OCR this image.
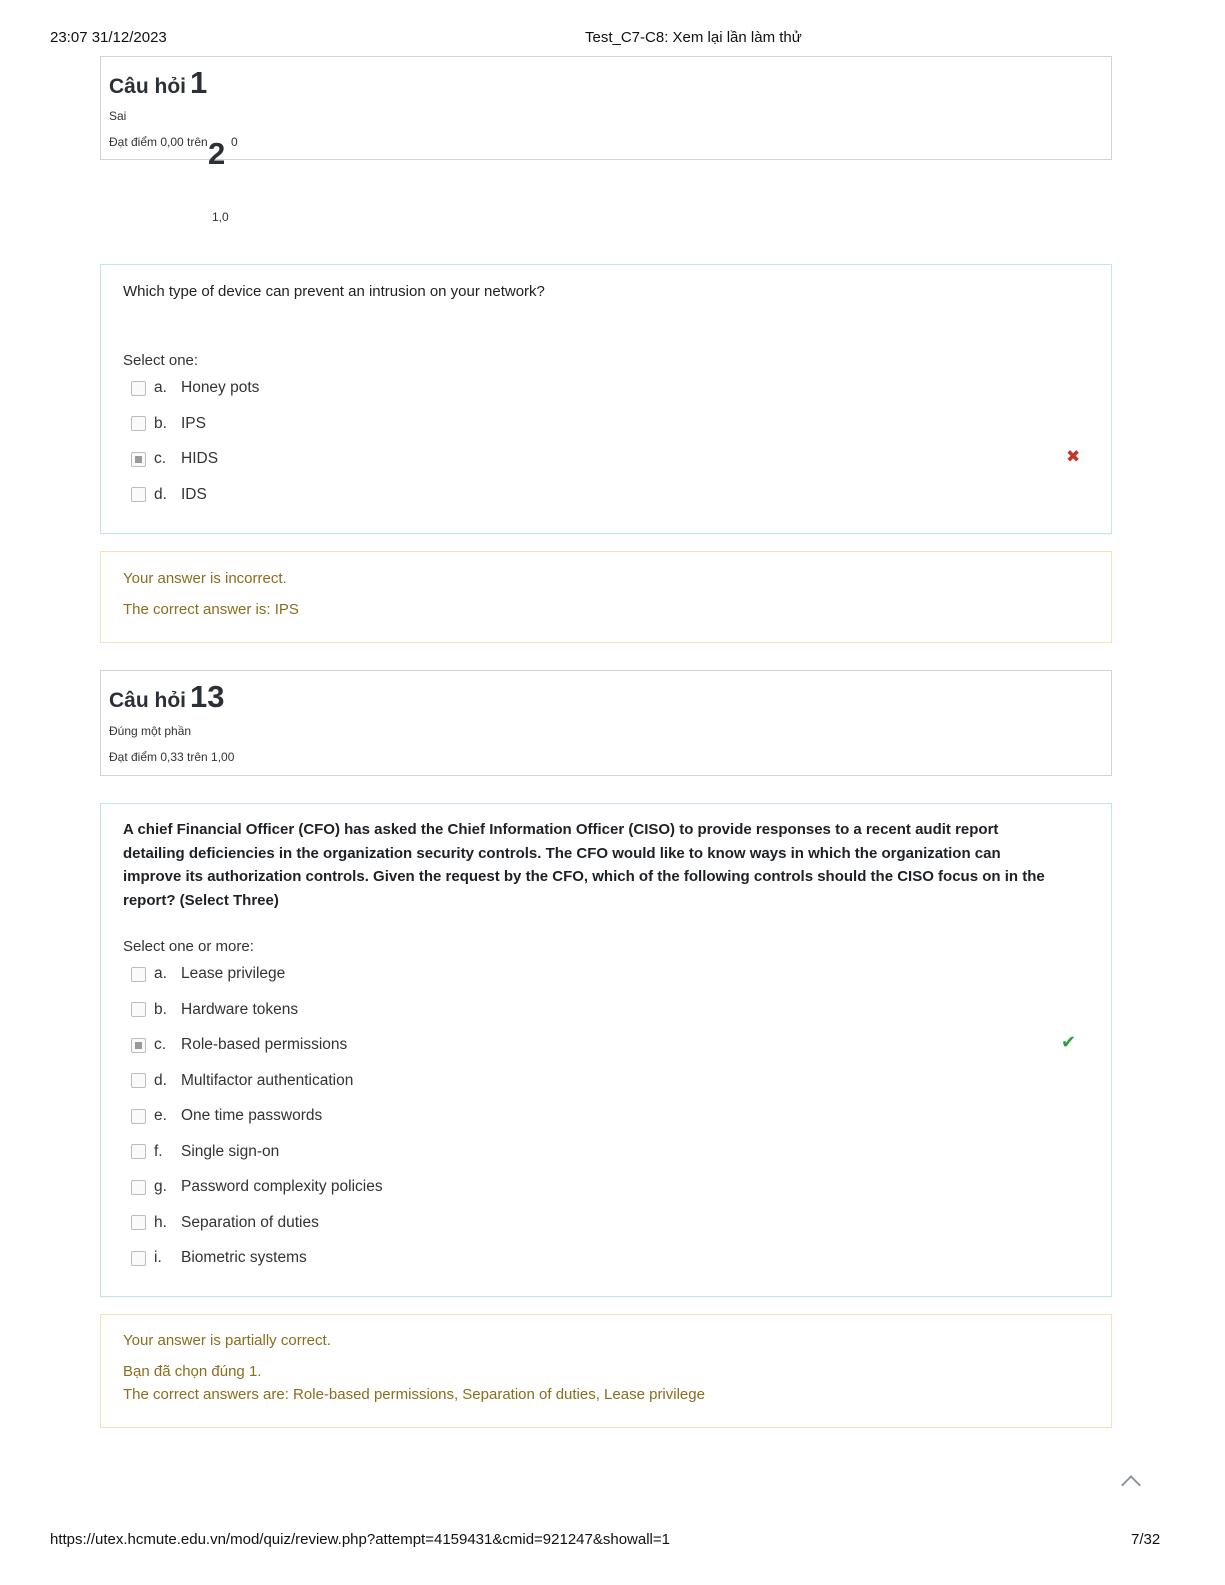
23:07 31/12/2023	Test_C7-C8: Xem lại lần làm thử
Câu hỏi 1
Sai
Đạt điểm 0,00 trên 0
2
1,0
Which type of device can prevent an intrusion on your network?
Select one:
✖
a. Honey pots
b. IPS
c. HIDS
d. IDS
Your answer is incorrect.
The correct answer is: IPS
Câu hỏi 13
Đúng một phần
Đạt điểm 0,33 trên 1,00
A chief Financial Officer (CFO) has asked the Chief Information Officer (CISO) to provide responses to a recent audit report detailing deficiencies in the organization security controls. The CFO would like to know ways in which the organization can improve its authorization controls. Given the request by the CFO, which of the following controls should the CISO focus on in the report? (Select Three)
Select one or more:
✔
a. Lease privilege
b. Hardware tokens
c. Role-based permissions
d. Multifactor authentication
e. One time passwords
f.	Single sign-on
g. Password complexity policies
h. Separation of duties
i.	Biometric systems
Your answer is partially correct.
Bạn đã chọn đúng 1.
The correct answers are: Role-based permissions, Separation of duties, Lease privilege
https://utex.hcmute.edu.vn/mod/quiz/review.php?attempt=4159431&cmid=921247&showall=1	7/32
